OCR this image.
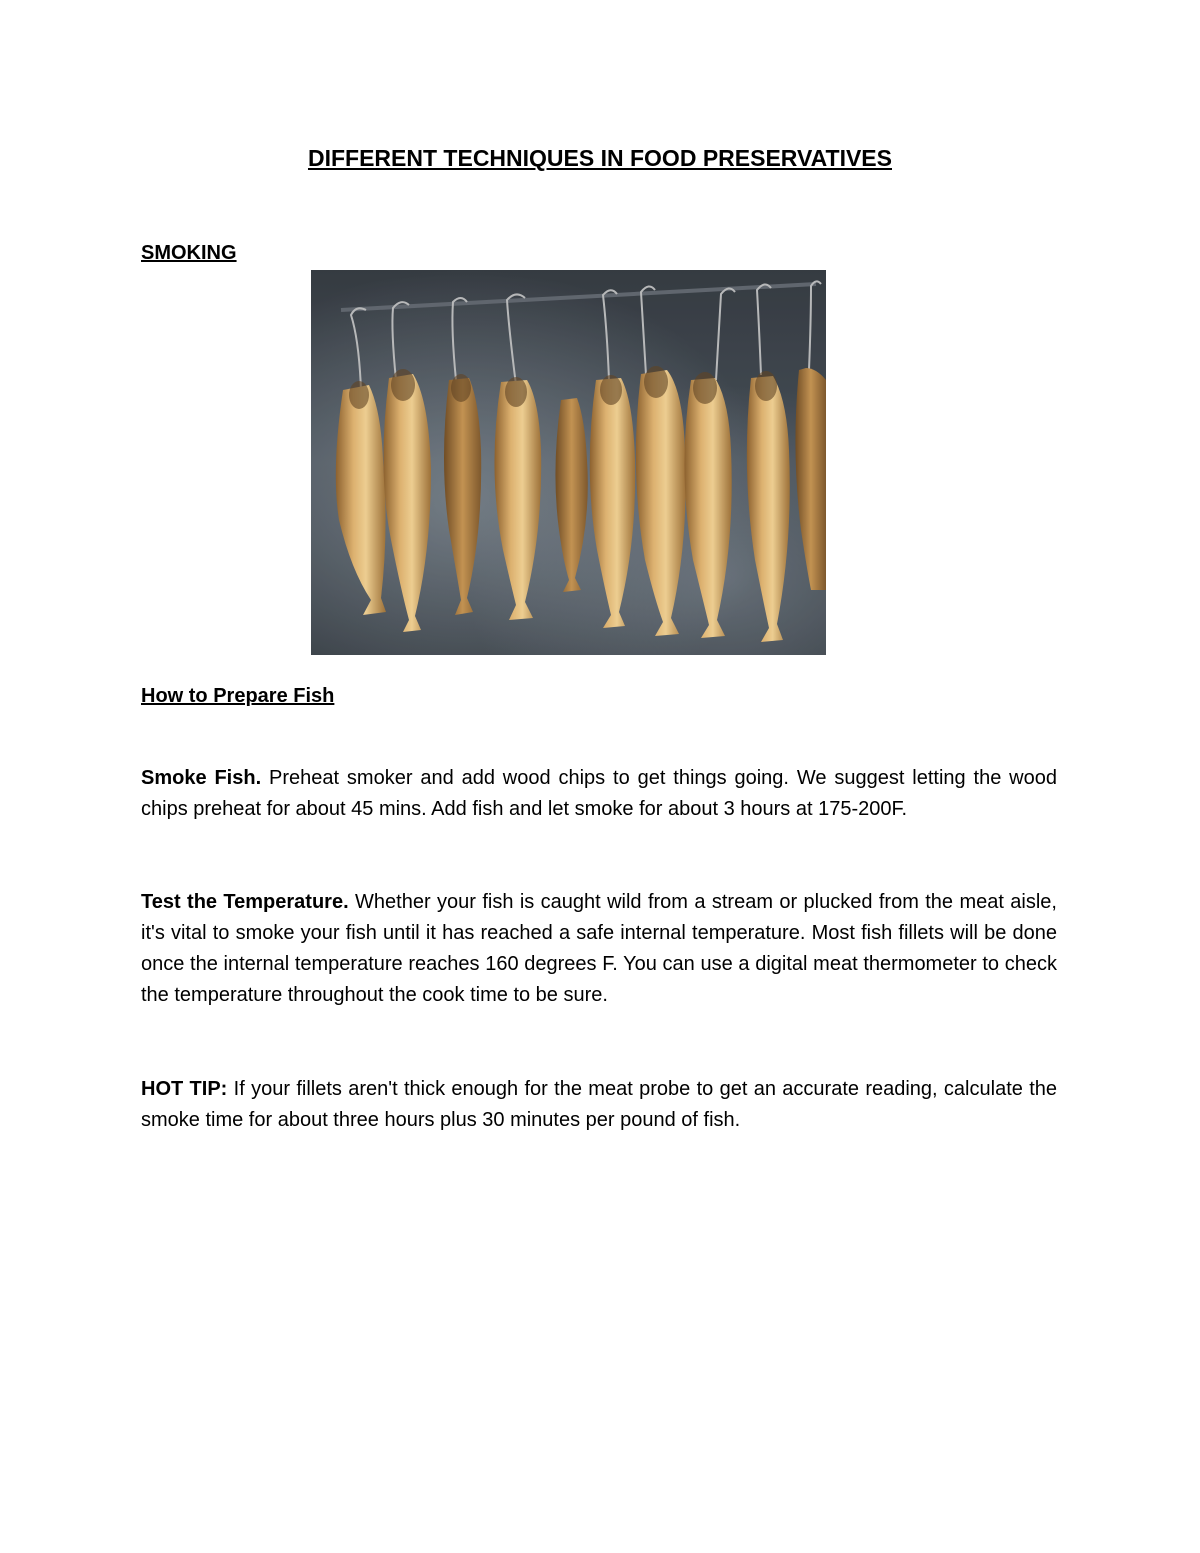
DIFFERENT TECHNIQUES IN FOOD PRESERVATIVES
SMOKING
How to Prepare Fish

Smoke Fish. Preheat smoker and add wood chips to get things going. We suggest letting the wood chips preheat for about 45 mins. Add fish and let smoke for about 3 hours at 175-200F.

Test the Temperature. Whether your fish is caught wild from a stream or plucked from the meat aisle, it's vital to smoke your fish until it has reached a safe internal temperature. Most fish fillets will be done once the internal temperature reaches 160 degrees F. You can use a digital meat thermometer to check the temperature throughout the cook time to be sure.

HOT TIP: If your fillets aren't thick enough for the meat probe to get an accurate reading, calculate the smoke time for about three hours plus 30 minutes per pound of fish.
